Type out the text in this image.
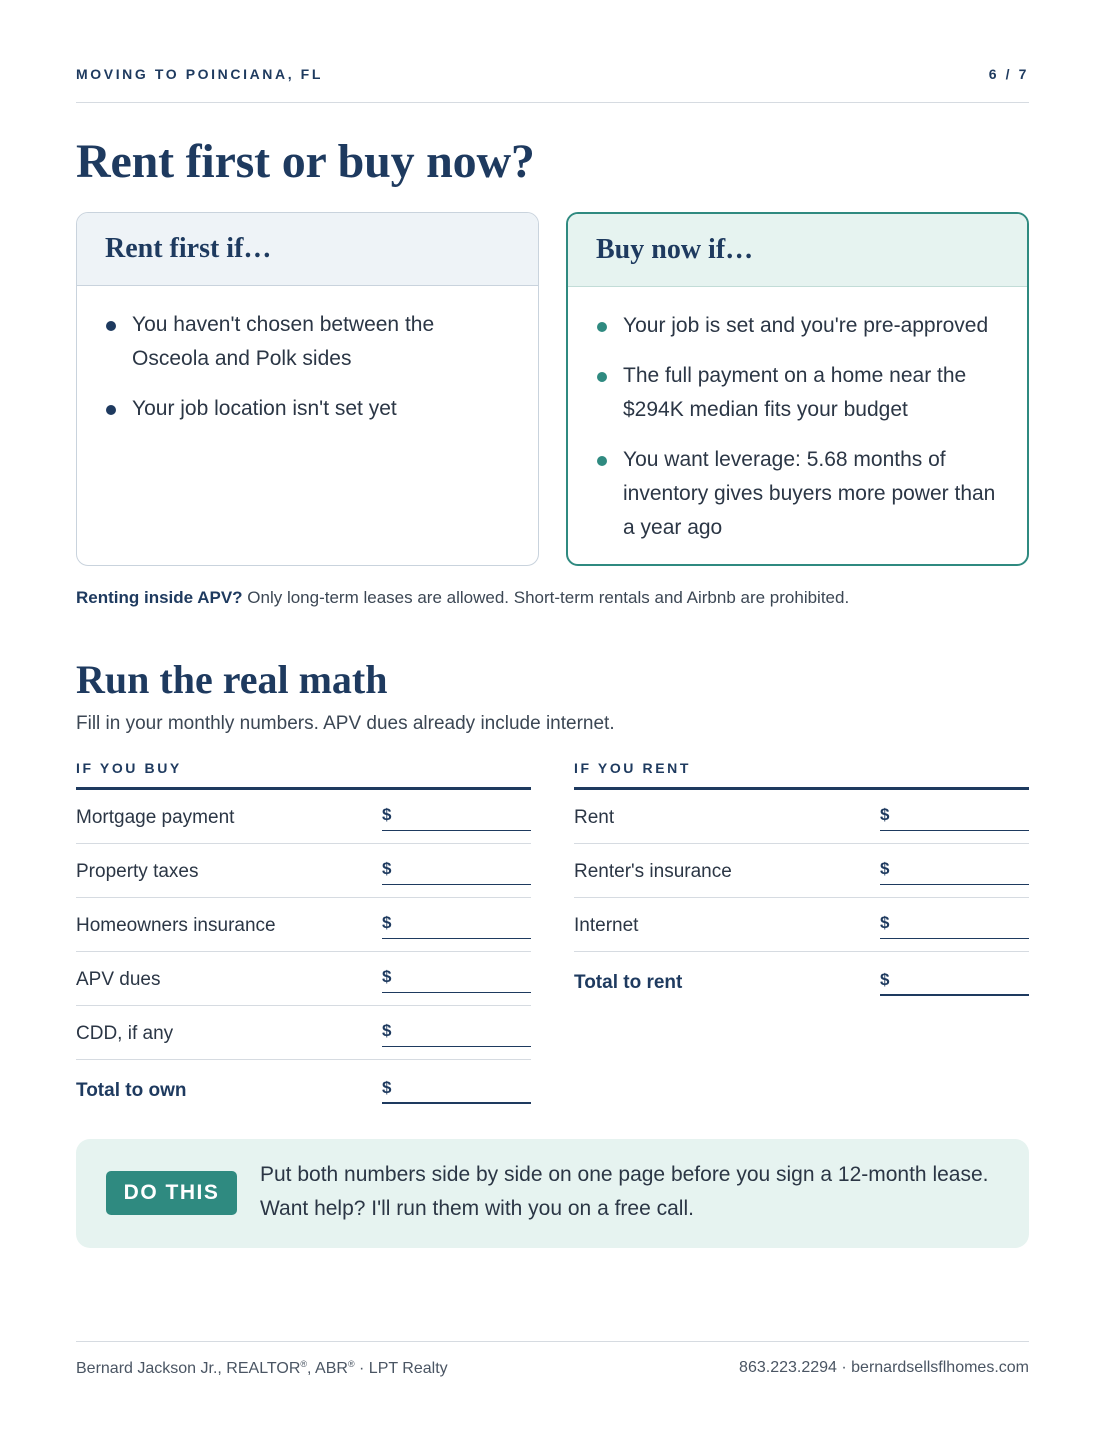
MOVING TO POINCIANA, FL	6 / 7
Rent first or buy now?
Rent first if…
You haven't chosen between the Osceola and Polk sides
Your job location isn't set yet
Buy now if…
Your job is set and you're pre-approved
The full payment on a home near the $294K median fits your budget
You want leverage: 5.68 months of inventory gives buyers more power than a year ago
Renting inside APV? Only long-term leases are allowed. Short-term rentals and Airbnb are prohibited.
Run the real math
Fill in your monthly numbers. APV dues already include internet.
IF YOU BUY
Mortgage payment	$
Property taxes	$
Homeowners insurance	$
APV dues	$
CDD, if any	$
Total to own	$
IF YOU RENT
Rent	$
Renter's insurance	$
Internet	$
Total to rent	$
DO THIS
Put both numbers side by side on one page before you sign a 12-month lease.
Want help? I'll run them with you on a free call.
Bernard Jackson Jr., REALTOR®, ABR® · LPT Realty	863.223.2294 · bernardsellsflhomes.com
